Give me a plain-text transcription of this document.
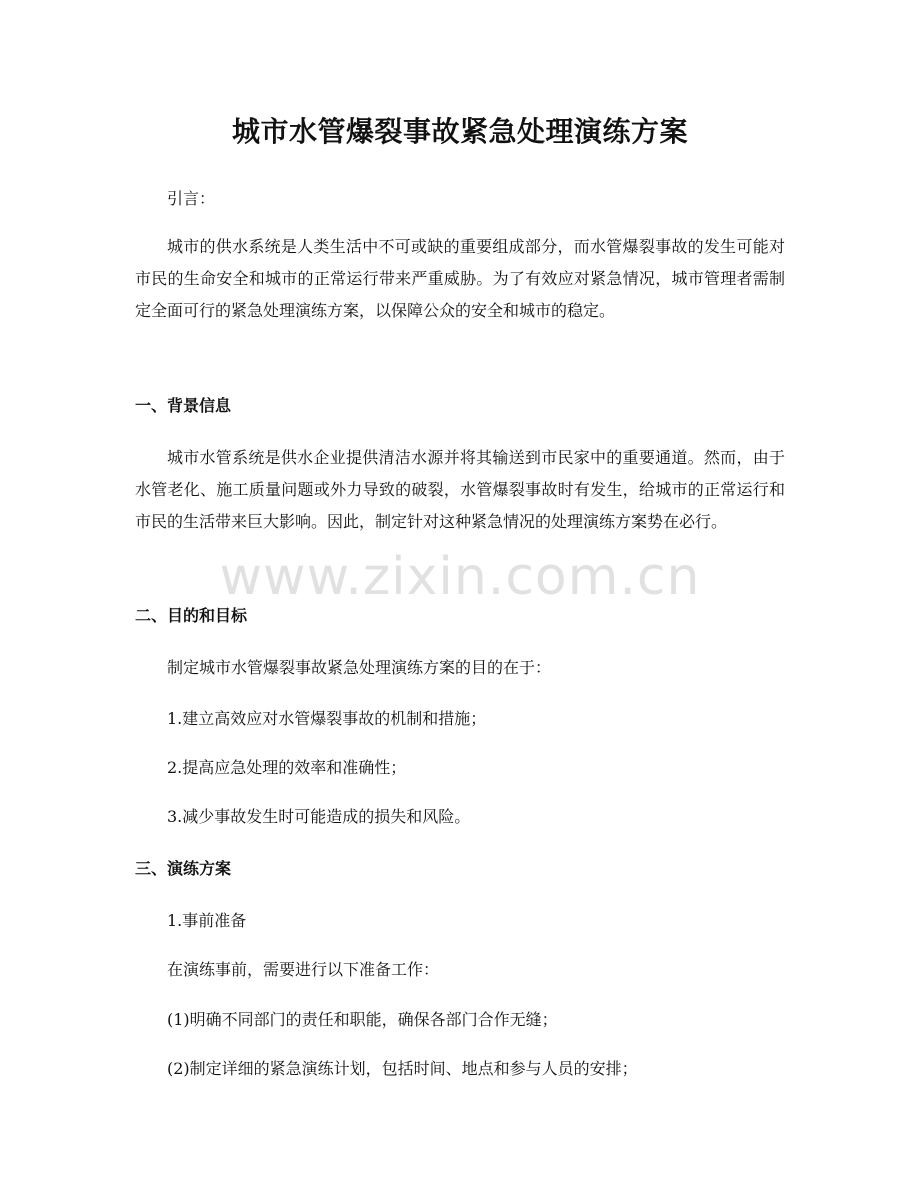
城市水管爆裂事故紧急处理演练方案
www.zixin.com.cn

引言：

城市的供水系统是人类生活中不可或缺的重要组成部分，而水管爆裂事故的发生可能对市民的生命安全和城市的正常运行带来严重威胁。为了有效应对紧急情况，城市管理者需制定全面可行的紧急处理演练方案，以保障公众的安全和城市的稳定。

一、背景信息

城市水管系统是供水企业提供清洁水源并将其输送到市民家中的重要通道。然而，由于水管老化、施工质量问题或外力导致的破裂，水管爆裂事故时有发生，给城市的正常运行和市民的生活带来巨大影响。因此，制定针对这种紧急情况的处理演练方案势在必行。

二、目的和目标

制定城市水管爆裂事故紧急处理演练方案的目的在于：

1.建立高效应对水管爆裂事故的机制和措施；

2.提高应急处理的效率和准确性；

3.减少事故发生时可能造成的损失和风险。

三、演练方案

1.事前准备

在演练事前，需要进行以下准备工作：

(1)明确不同部门的责任和职能，确保各部门合作无缝；

(2)制定详细的紧急演练计划，包括时间、地点和参与人员的安排；
